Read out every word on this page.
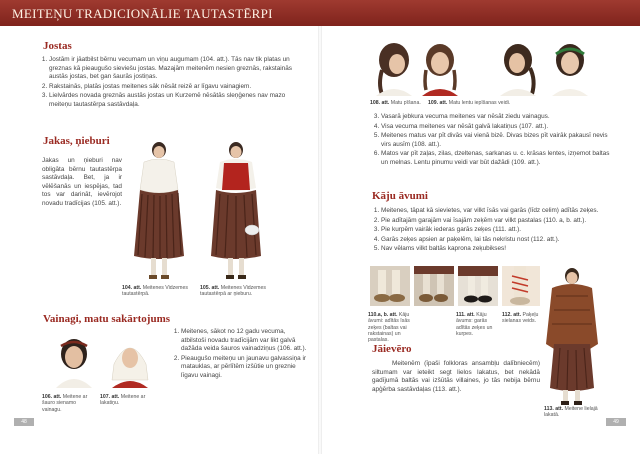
MEITEŅU TRADICIONĀLIE TAUTASTĒRPI
Jostas
1. Jostām ir jāatbilst bērnu vecumam un viņu augumam (104. att.). Tās nav tik platas un greznas kā pieaugušo sieviešu jostas. Mazajām meitenēm nesien greznās, rakstainās austās jostas, bet gan šaurās jostiņas.
2. Rakstainās, platās jostas meitenes sāk nēsāt reizē ar līgavu vainagiem.
3. Lielvārdes novada greznās austās jostas un Kurzemē nēsātās sleņģenes nav mazo meiteņu tautastērpa sastāvdaļa.
Jakas, ņieburi
Jakas un ņieburi nav obligāta bērnu tautastērpa sastāvdaļa. Bet, ja ir vēlēšanās un iespējas, tad tos var darināt, ievērojot novadu tradīcijas (105. att.).
104. att. Meitenes Vidzemes tautastērpā.
105. att. Meitenes Vidzemes tautastērpā ar ņieburu.
Vainagi, matu sakārtojums
106. att. Meitene ar šauro sienamo vainagu.
107. att. Meitene ar lakatiņu.
1. Meitenes, sākot no 12 gadu vecuma, atbilstoši novadu tradīcijām var likt galvā dažāda veida šauros vainadziņus (106. att.).
2. Pieaugušo meiteņu un jaunavu galvassiņa ir matauklas, ar pērlītēm izšūtie un greznie līgavu vainagi.
48
108. att. Matu pīšana.	109. att. Matu lentu iepīšanas veidi.
3. Vasarā jebkura vecuma meitenes var nēsāt ziedu vainagus.
4. Visa vecuma meitenes var nēsāt galvā lakatiņus (107. att.).
5. Meitenes matus var pīt divās vai vienā bizē. Divas bizes pīt vairāk pakausī nevis virs ausīm (108. att.).
6. Matos var pīt zaļas, zilas, dzeltenas, sarkanas u. c. krāsas lentes, izņemot baltas un melnas. Lentu pinumu veidi var būt dažādi (109. att.).
Kāju āvumi
1. Meitenes, tāpat kā sievietes, var vilkt īsās vai garās (līdz celim) adītās zeķes.
2. Pie adītajām garajām vai īsajām zeķēm var vilkt pastalas (110. a, b. att.).
3. Pie kurpēm vairāk iederas garās zeķes (111. att.).
4. Garās zeķes apsien ar paķelēm, lai tās nekristu nost (112. att.).
5. Nav vēlams vilkt baltās kaprona zeķubikses!
110.a, b. att. Kāju āvumi: adītās īsās zeķes (baltas vai rakstainas) un pastalas.
111. att. Kāju āvums: garās adītās zeķes un kurpes.
112. att. Paķeļu sielanas veids.
Jāievēro
Meitenēm (īpaši folkloras ansambļu dalībniecēm) siltumam var ieteikt segt lielos lakatus, bet nekādā gadījumā baltās vai izšūtās villaines, jo tās nebija bērnu apģērba sastāvdaļas (113. att.).
113. att. Meitene lielajā lakatā.
49
